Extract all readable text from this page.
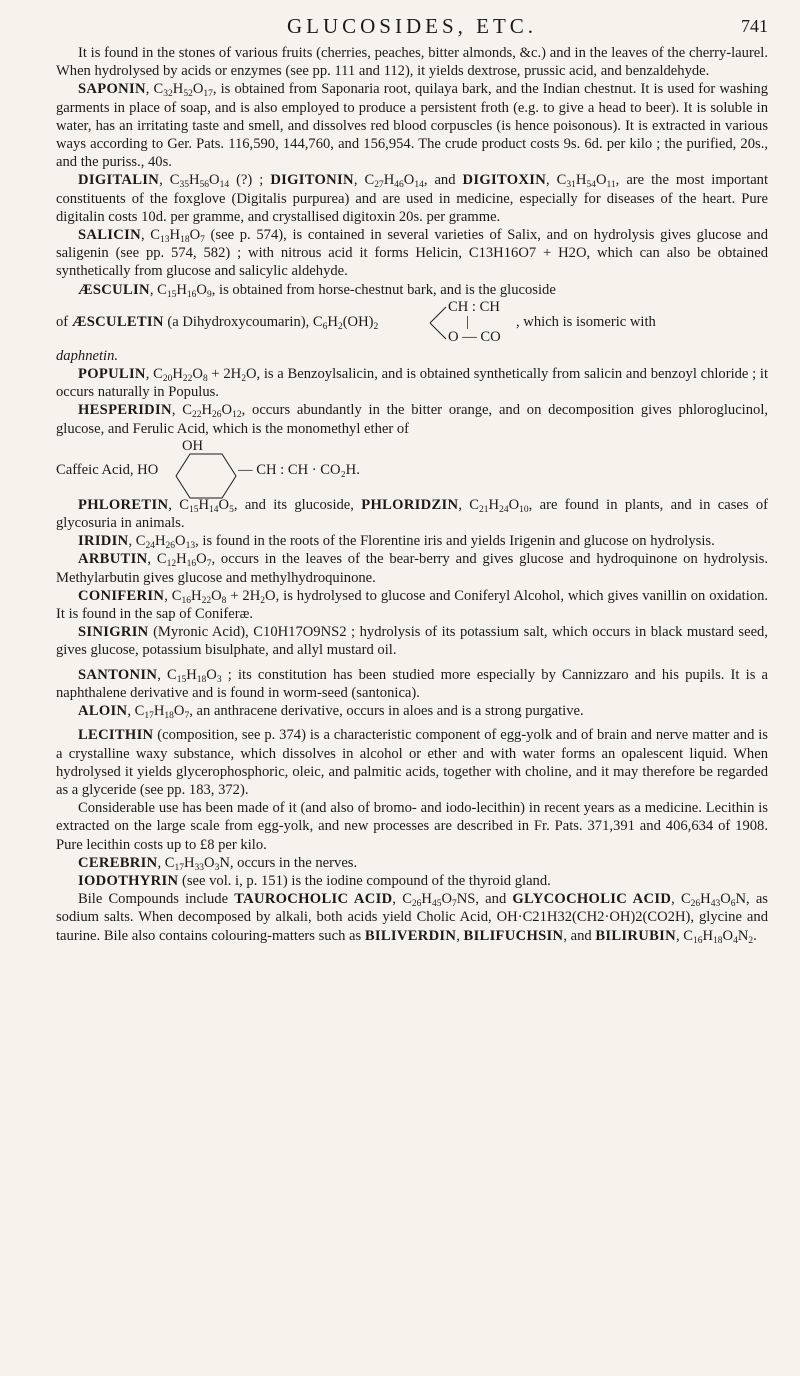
GLUCOSIDES, ETC.	741

It is found in the stones of various fruits (cherries, peaches, bitter almonds, &c.) and in the leaves of the cherry-laurel. When hydrolysed by acids or enzymes (see pp. 111 and 112), it yields dextrose, prussic acid, and benzaldehyde.

SAPONIN, $C_{32}H_{52}O_{17}$, is obtained from Saponaria root, quilaya bark, and the Indian chestnut. It is used for washing garments in place of soap, and is also employed to produce a persistent froth (e.g. to give a head to beer). It is soluble in water, has an irritating taste and smell, and dissolves red blood corpuscles (is hence poisonous). It is extracted in various ways according to Ger. Pats. 116,590, 144,760, and 156,954. The crude product costs 9s. 6d. per kilo ; the purified, 20s., and the puriss., 40s.

DIGITALIN, $C_{35}H_{56}O_{14}$ (?) ; DIGITONIN, $C_{27}H_{46}O_{14}$, and DIGITOXIN, $C_{31}H_{54}O_{11}$, are the most important constituents of the foxglove (Digitalis purpurea) and are used in medicine, especially for diseases of the heart. Pure digitalin costs 10d. per gramme, and crystallised digitoxin 20s. per gramme.

SALICIN, $C_{13}H_{18}O_7$ (see p. 574), is contained in several varieties of Salix, and on hydrolysis gives glucose and saligenin (see pp. 574, 582) ; with nitrous acid it forms Helicin, C13H16O7 + H2O, which can also be obtained synthetically from glucose and salicylic aldehyde.

ÆSCULIN, $C_{15}H_{16}O_9$, is obtained from horse-chestnut bark, and is the glucoside

of ÆSCULETIN (a Dihydroxycoumarin), $C_6H_2(OH)_2$
CH : CH
|
O — CO
, which is isomeric with

daphnetin.

POPULIN, $C_{20}H_{22}O_8 + 2H_2O$, is a Benzoylsalicin, and is obtained synthetically from salicin and benzoyl chloride ; it occurs naturally in Populus.

HESPERIDIN, $C_{22}H_{26}O_{12}$, occurs abundantly in the bitter orange, and on decomposition gives phloroglucinol, glucose, and Ferulic Acid, which is the monomethyl ether of

OH
Caffeic Acid, HO	— CH : CH · CO₂H.

PHLORETIN, $C_{15}H_{14}O_5$, and its glucoside, PHLORIDZIN, $C_{21}H_{24}O_{10}$, are found in plants, and in cases of glycosuria in animals.

IRIDIN, $C_{24}H_{26}O_{13}$, is found in the roots of the Florentine iris and yields Irigenin and glucose on hydrolysis.

ARBUTIN, $C_{12}H_{16}O_7$, occurs in the leaves of the bear-berry and gives glucose and hydroquinone on hydrolysis. Methylarbutin gives glucose and methylhydroquinone.

CONIFERIN, $C_{16}H_{22}O_8 + 2H_2O$, is hydrolysed to glucose and Coniferyl Alcohol, which gives vanillin on oxidation. It is found in the sap of Coniferæ.

SINIGRIN (Myronic Acid), C10H17O9NS2 ; hydrolysis of its potassium salt, which occurs in black mustard seed, gives glucose, potassium bisulphate, and allyl mustard oil.

SANTONIN, $C_{15}H_{18}O_3$ ; its constitution has been studied more especially by Cannizzaro and his pupils. It is a naphthalene derivative and is found in worm-seed (santonica).

ALOIN, $C_{17}H_{18}O_7$, an anthracene derivative, occurs in aloes and is a strong purgative.

LECITHIN (composition, see p. 374) is a characteristic component of egg-yolk and of brain and nerve matter and is a crystalline waxy substance, which dissolves in alcohol or ether and with water forms an opalescent liquid. When hydrolysed it yields glycerophosphoric, oleic, and palmitic acids, together with choline, and it may therefore be regarded as a glyceride (see pp. 183, 372).

Considerable use has been made of it (and also of bromo- and iodo-lecithin) in recent years as a medicine. Lecithin is extracted on the large scale from egg-yolk, and new processes are described in Fr. Pats. 371,391 and 406,634 of 1908. Pure lecithin costs up to £8 per kilo.

CEREBRIN, $C_{17}H_{33}O_3N$, occurs in the nerves.

IODOTHYRIN (see vol. i, p. 151) is the iodine compound of the thyroid gland.

Bile Compounds include TAUROCHOLIC ACID, $C_{26}H_{45}O_7NS$, and GLYCOCHOLIC ACID, $C_{26}H_{43}O_6N$, as sodium salts. When decomposed by alkali, both acids yield Cholic Acid, OH·C21H32(CH2·OH)2(CO2H), glycine and taurine. Bile also contains colouring-matters such as BILIVERDIN, BILIFUCHSIN, and BILIRUBIN, $C_{16}H_{18}O_4N_2$.
